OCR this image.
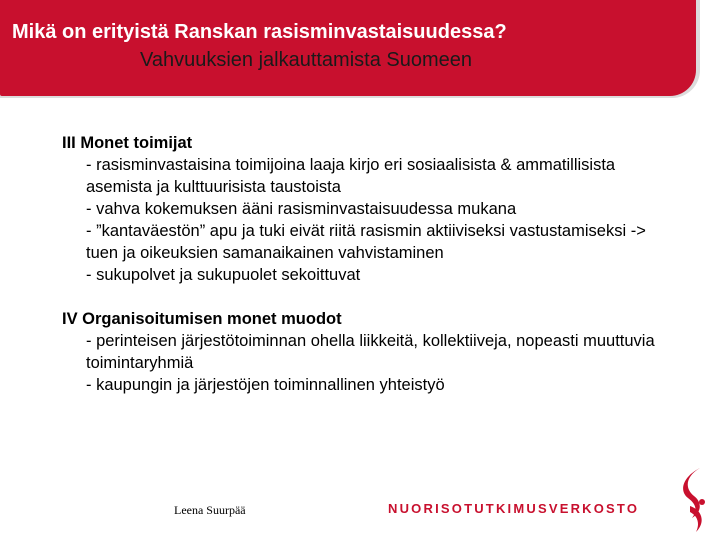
Mikä on erityistä Ranskan rasisminvastaisuudessa?
Vahvuuksien jalkauttamista Suomeen

III Monet toimijat

- rasisminvastaisina toimijoina laaja kirjo eri sosiaalisista & ammatillisista asemista ja kulttuurisista taustoista

- vahva kokemuksen ääni rasisminvastaisuudessa mukana

- ”kantaväestön” apu ja tuki eivät riitä rasismin aktiiviseksi vastustamiseksi -> tuen ja oikeuksien samanaikainen vahvistaminen

- sukupolvet ja sukupuolet sekoittuvat

IV Organisoitumisen monet muodot

- perinteisen järjestötoiminnan ohella liikkeitä, kollektiiveja, nopeasti muuttuvia toimintaryhmiä

- kaupungin ja järjestöjen toiminnallinen yhteistyö

Leena Suurpää	NUORISOTUTKIMUSVERKOSTO
